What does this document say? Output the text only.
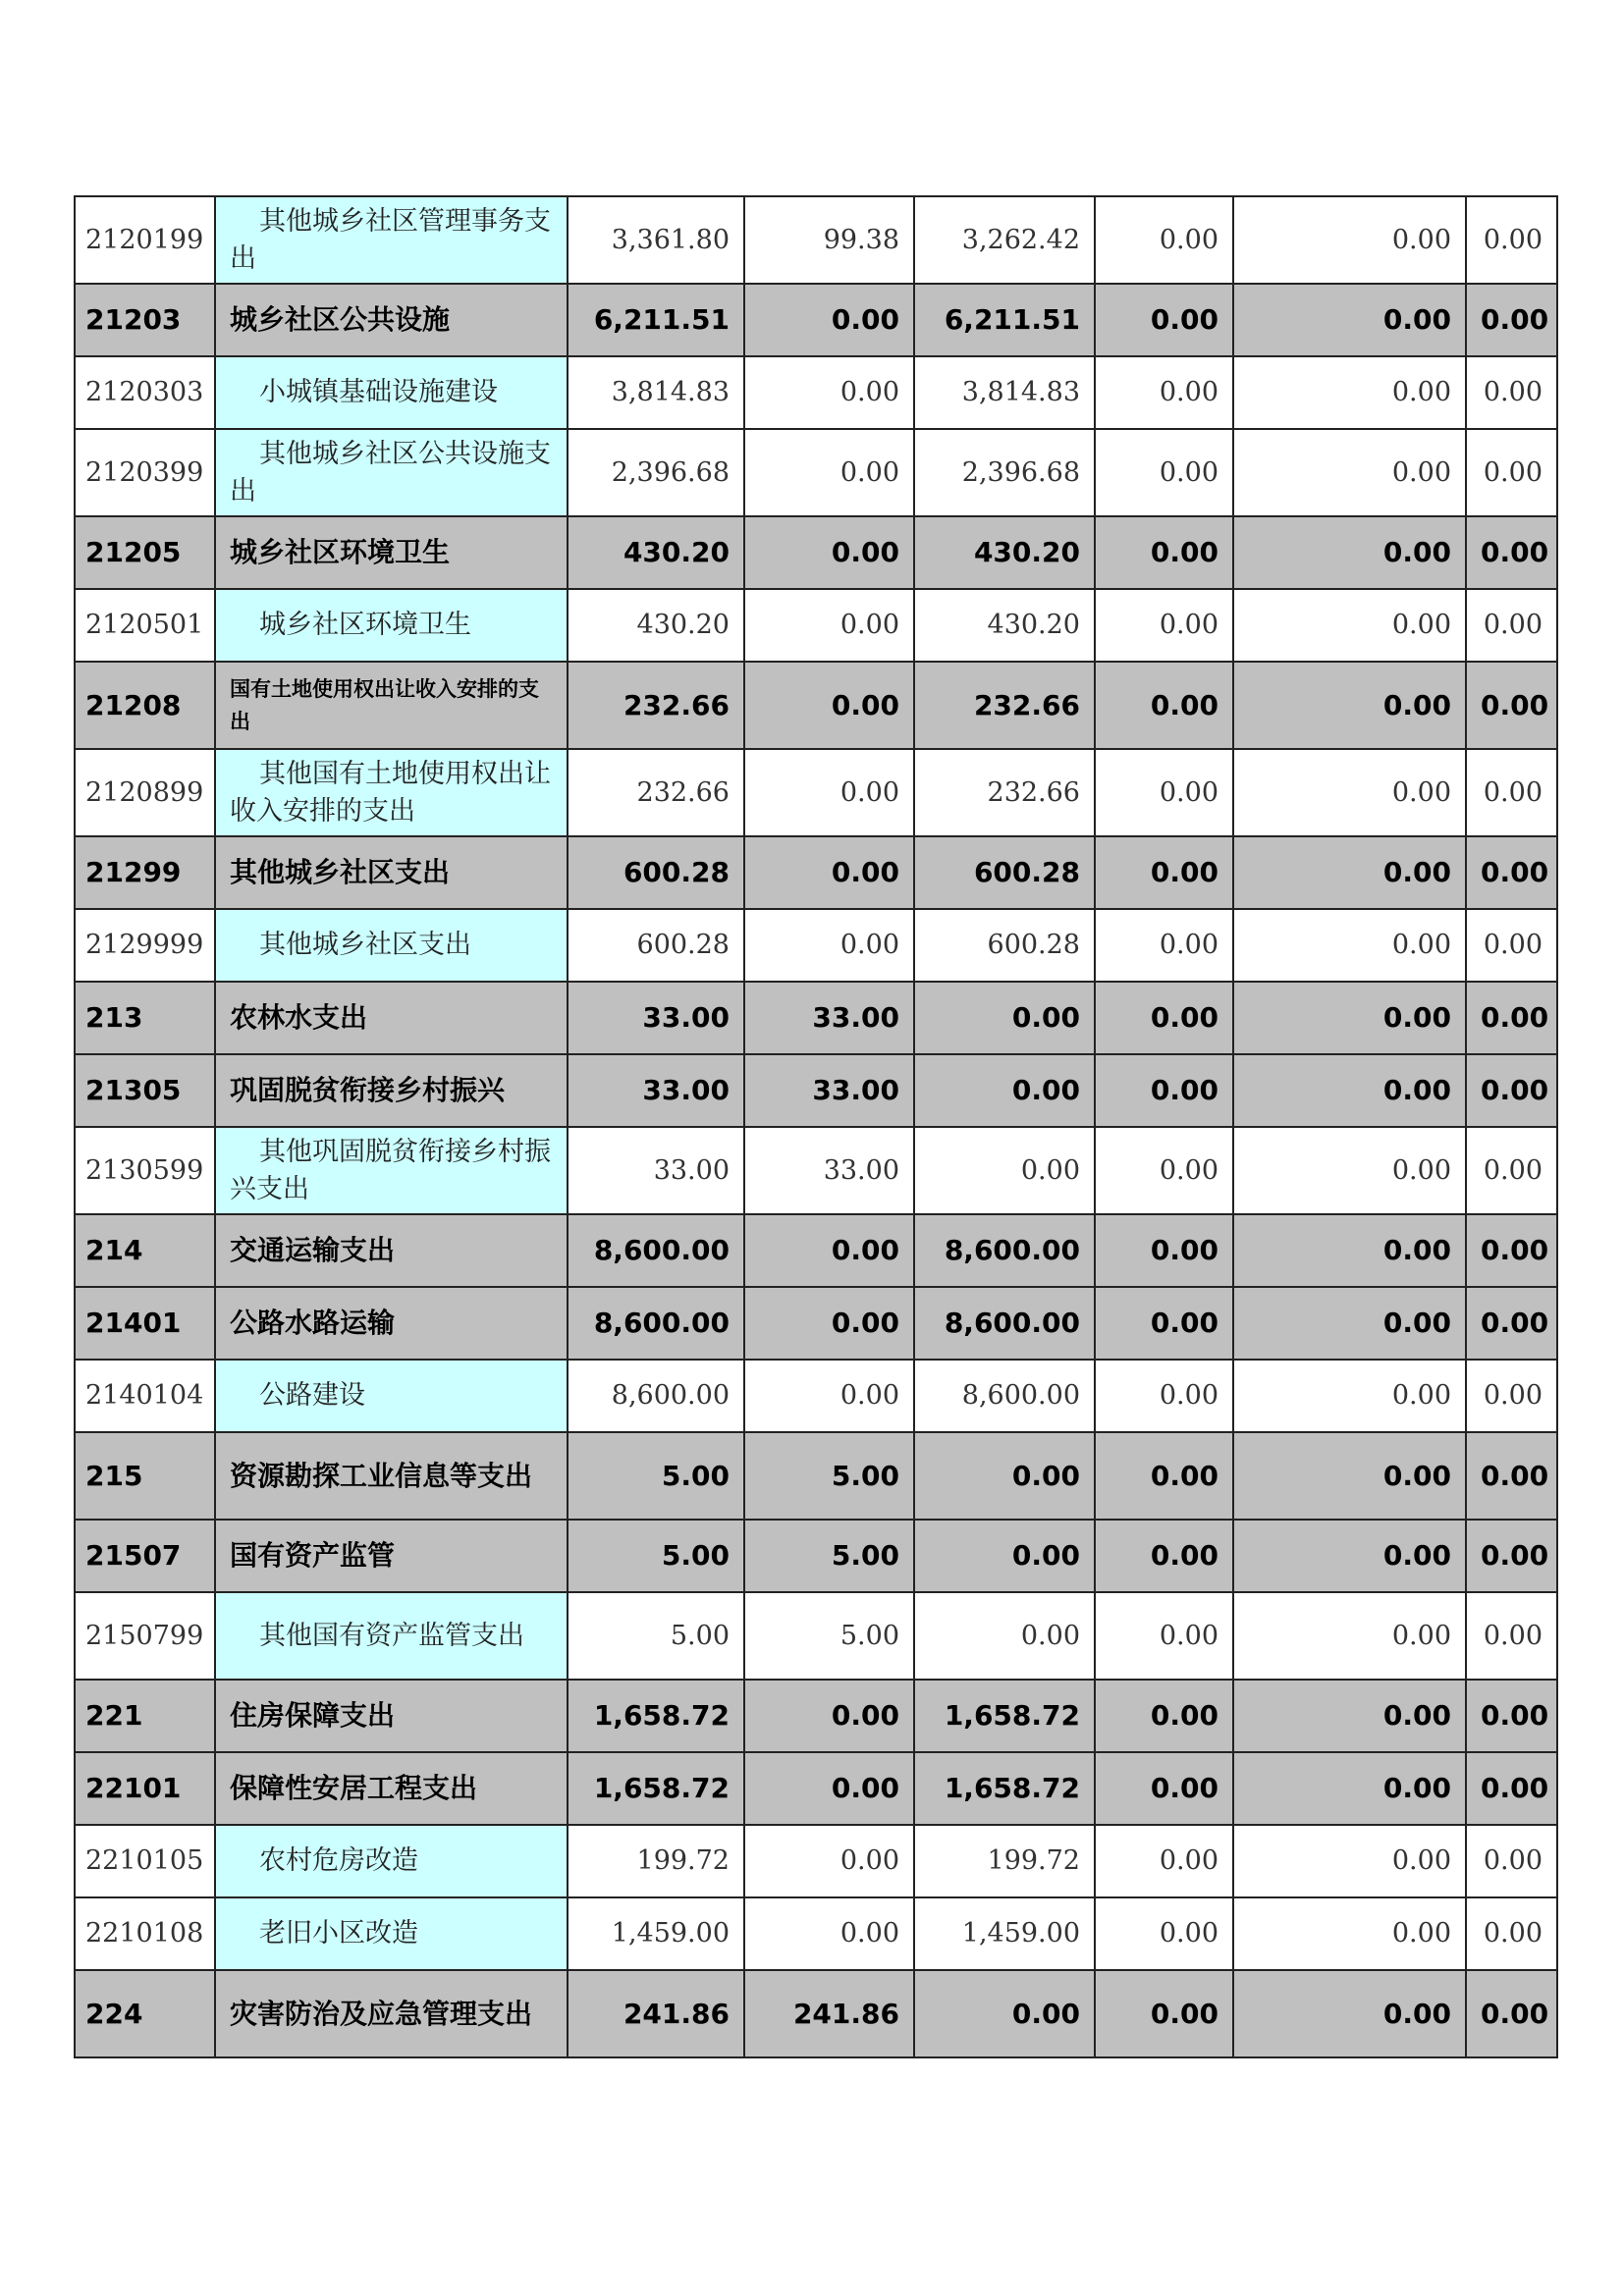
2120199	其他城乡社区管理事务支出	3,361.80	99.38	3,262.42	0.00	0.00	0.00
21203	城乡社区公共设施	6,211.51	0.00	6,211.51	0.00	0.00	0.00
2120303	小城镇基础设施建设	3,814.83	0.00	3,814.83	0.00	0.00	0.00
2120399	其他城乡社区公共设施支出	2,396.68	0.00	2,396.68	0.00	0.00	0.00
21205	城乡社区环境卫生	430.20	0.00	430.20	0.00	0.00	0.00
2120501	城乡社区环境卫生	430.20	0.00	430.20	0.00	0.00	0.00
21208	国有土地使用权出让收入安排的支出	232.66	0.00	232.66	0.00	0.00	0.00
2120899	其他国有土地使用权出让收入安排的支出	232.66	0.00	232.66	0.00	0.00	0.00
21299	其他城乡社区支出	600.28	0.00	600.28	0.00	0.00	0.00
2129999	其他城乡社区支出	600.28	0.00	600.28	0.00	0.00	0.00
213	农林水支出	33.00	33.00	0.00	0.00	0.00	0.00
21305	巩固脱贫衔接乡村振兴	33.00	33.00	0.00	0.00	0.00	0.00
2130599	其他巩固脱贫衔接乡村振兴支出	33.00	33.00	0.00	0.00	0.00	0.00
214	交通运输支出	8,600.00	0.00	8,600.00	0.00	0.00	0.00
21401	公路水路运输	8,600.00	0.00	8,600.00	0.00	0.00	0.00
2140104	公路建设	8,600.00	0.00	8,600.00	0.00	0.00	0.00
215	资源勘探工业信息等支出	5.00	5.00	0.00	0.00	0.00	0.00
21507	国有资产监管	5.00	5.00	0.00	0.00	0.00	0.00
2150799	其他国有资产监管支出	5.00	5.00	0.00	0.00	0.00	0.00
221	住房保障支出	1,658.72	0.00	1,658.72	0.00	0.00	0.00
22101	保障性安居工程支出	1,658.72	0.00	1,658.72	0.00	0.00	0.00
2210105	农村危房改造	199.72	0.00	199.72	0.00	0.00	0.00
2210108	老旧小区改造	1,459.00	0.00	1,459.00	0.00	0.00	0.00
224	灾害防治及应急管理支出	241.86	241.86	0.00	0.00	0.00	0.00
